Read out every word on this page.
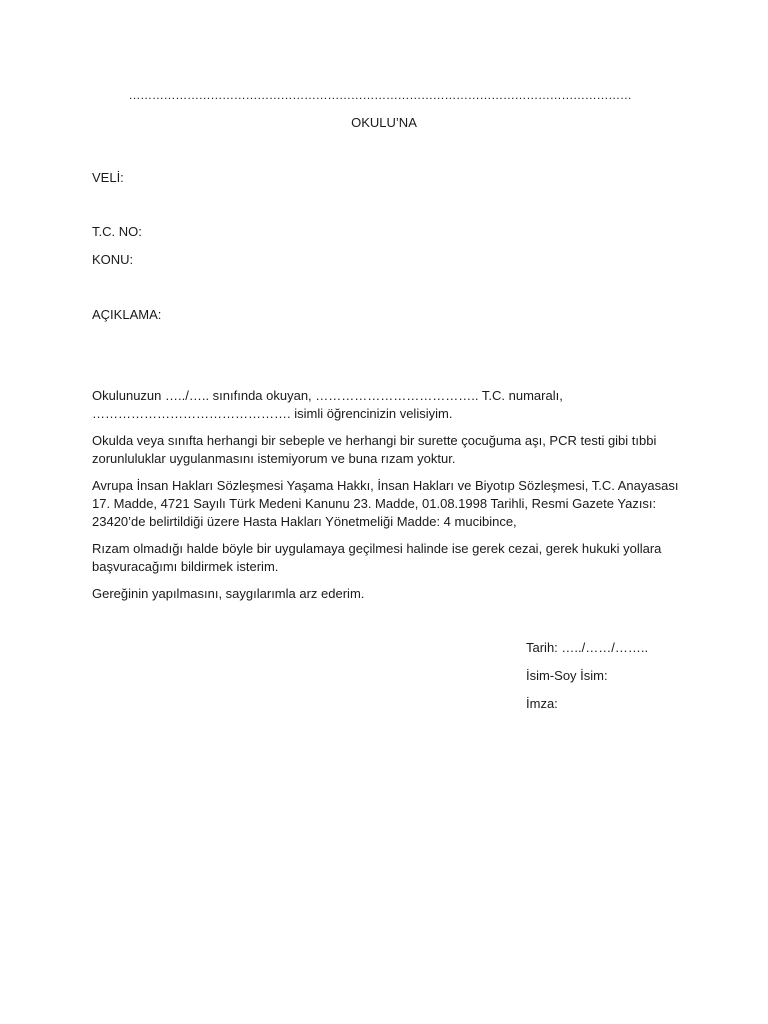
…………………………………………………………………………………………………………………
OKULU’NA
VELİ:
T.C. NO:
KONU:
AÇIKLAMA:

Okulunuzun …../….. sınıfında okuyan, ……………………………….. T.C. numaralı, ………………………………………. isimli öğrencinizin velisiyim.

Okulda veya sınıfta herhangi bir sebeple ve herhangi bir surette çocuğuma aşı, PCR testi gibi tıbbi zorunluluklar uygulanmasını istemiyorum ve buna rızam yoktur.

Avrupa İnsan Hakları Sözleşmesi Yaşama Hakkı, İnsan Hakları ve Biyotıp Sözleşmesi, T.C. Anayasası 17. Madde, 4721 Sayılı Türk Medeni Kanunu 23. Madde, 01.08.1998 Tarihli, Resmi Gazete Yazısı: 23420’de belirtildiği üzere Hasta Hakları Yönetmeliği Madde: 4 mucibince,

Rızam olmadığı halde böyle bir uygulamaya geçilmesi halinde ise gerek cezai, gerek hukuki yollara başvuracağımı bildirmek isterim.

Gereğinin yapılmasını, saygılarımla arz ederim.

Tarih: …../……/……..
İsim-Soy İsim:
İmza:
